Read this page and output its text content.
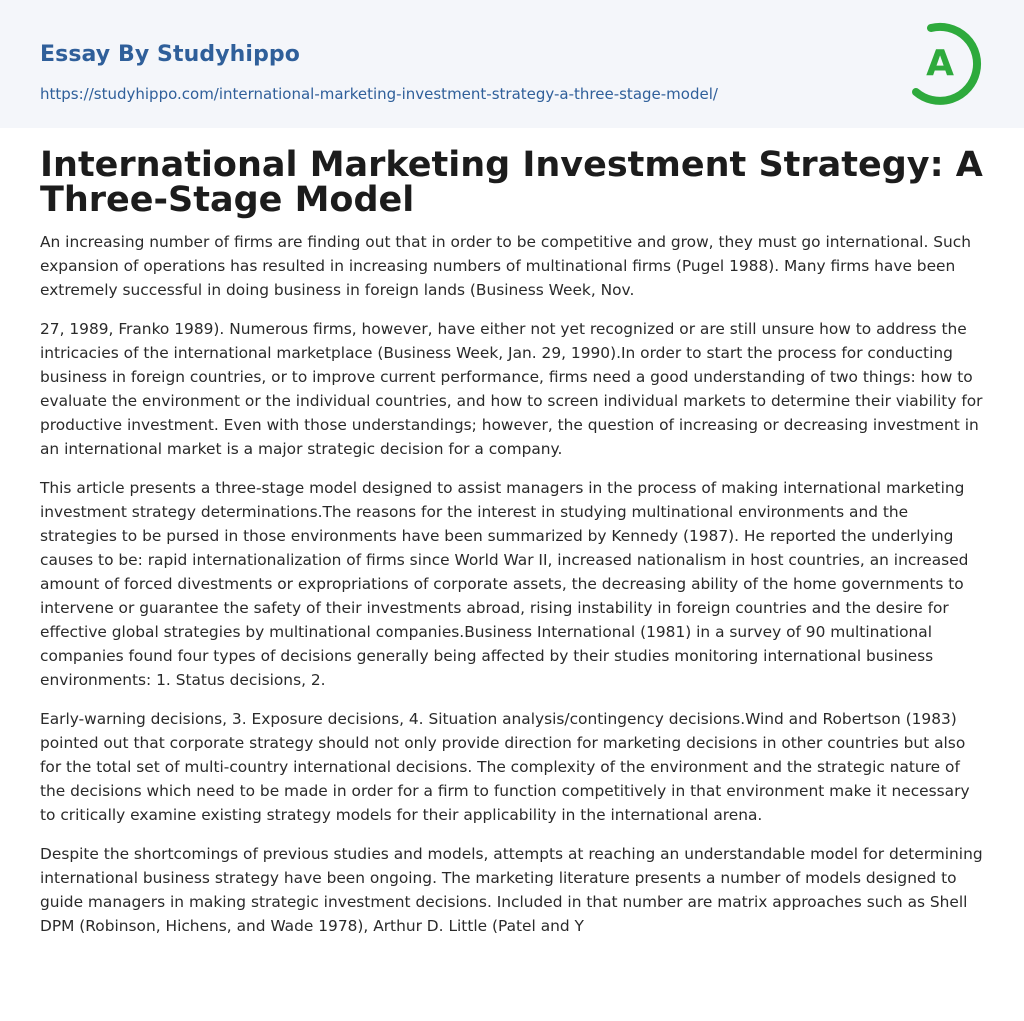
Essay By Studyhippo
https://studyhippo.com/international-marketing-investment-strategy-a-three-stage-model/
A
International Marketing Investment Strategy: A Three-Stage Model

An increasing number of firms are finding out that in order to be competitive and grow, they must go international. Such expansion of operations has resulted in increasing numbers of multinational firms (Pugel 1988). Many firms have been extremely successful in doing business in foreign lands (Business Week, Nov.

27, 1989, Franko 1989). Numerous firms, however, have either not yet recognized or are still unsure how to address the intricacies of the international marketplace (Business Week, Jan. 29, 1990).In order to start the process for conducting business in foreign countries, or to improve current performance, firms need a good understanding of two things: how to evaluate the environment or the individual countries, and how to screen individual markets to determine their viability for productive investment. Even with those understandings; however, the question of increasing or decreasing investment in an international market is a major strategic decision for a company.

This article presents a three-stage model designed to assist managers in the process of making international marketing investment strategy determinations.The reasons for the interest in studying multinational environments and the strategies to be pursed in those environments have been summarized by Kennedy (1987). He reported the underlying causes to be: rapid internationalization of firms since World War II, increased nationalism in host countries, an increased amount of forced divestments or expropriations of corporate assets, the decreasing ability of the home governments to intervene or guarantee the safety of their investments abroad, rising instability in foreign countries and the desire for effective global strategies by multinational companies.Business International (1981) in a survey of 90 multinational companies found four types of decisions generally being affected by their studies monitoring international business environments: 1. Status decisions, 2.

Early-warning decisions, 3. Exposure decisions, 4. Situation analysis/contingency decisions.Wind and Robertson (1983) pointed out that corporate strategy should not only provide direction for marketing decisions in other countries but also for the total set of multi-country international decisions. The complexity of the environment and the strategic nature of the decisions which need to be made in order for a firm to function competitively in that environment make it necessary to critically examine existing strategy models for their applicability in the international arena.

Despite the shortcomings of previous studies and models, attempts at reaching an understandable model for determining international business strategy have been ongoing. The marketing literature presents a number of models designed to guide managers in making strategic investment decisions. Included in that number are matrix approaches such as Shell DPM (Robinson, Hichens, and Wade 1978), Arthur D. Little (Patel and Y
